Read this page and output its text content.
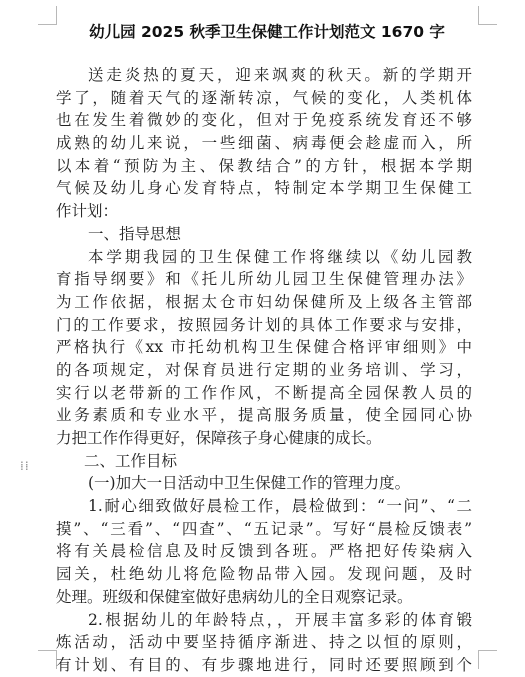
⁞⁞
幼儿园 2025 秋季卫生保健工作计划范文 1670 字
送走炎热的夏天，迎来飒爽的秋天。新的学期开
学了，随着天气的逐渐转凉，气候的变化，人类机体
也在发生着微妙的变化，但对于免疫系统发育还不够
成熟的幼儿来说，一些细菌、病毒便会趁虚而入，所
以本着“预防为主、保教结合”的方针，根据本学期
气候及幼儿身心发育特点，特制定本学期卫生保健工
作计划：
一、指导思想
本学期我园的卫生保健工作将继续以《幼儿园教
育指导纲要》和《托儿所幼儿园卫生保健管理办法》
为工作依据，根据太仓市妇幼保健所及上级各主管部
门的工作要求，按照园务计划的具体工作要求与安排，
严格执行《xx 市托幼机构卫生保健合格评审细则》中
的各项规定，对保育员进行定期的业务培训、学习，
实行以老带新的工作作风，不断提高全园保教人员的
业务素质和专业水平，提高服务质量，使全园同心协
力把工作作得更好，保障孩子身心健康的成长。
二、工作目标
(一)加大一日活动中卫生保健工作的管理力度。
1.耐心细致做好晨检工作，晨检做到：“一问”、“二
摸”、“三看”、“四查”、“五记录”。写好“晨检反馈表”
将有关晨检信息及时反馈到各班。严格把好传染病入
园关，杜绝幼儿将危险物品带入园。发现问题，及时
处理。班级和保健室做好患病幼儿的全日观察记录。
2.根据幼儿的年龄特点，，开展丰富多彩的体育锻
炼活动，活动中要坚持循序渐进、持之以恒的原则，
有计划、有目的、有步骤地进行，同时还要照顾到个
